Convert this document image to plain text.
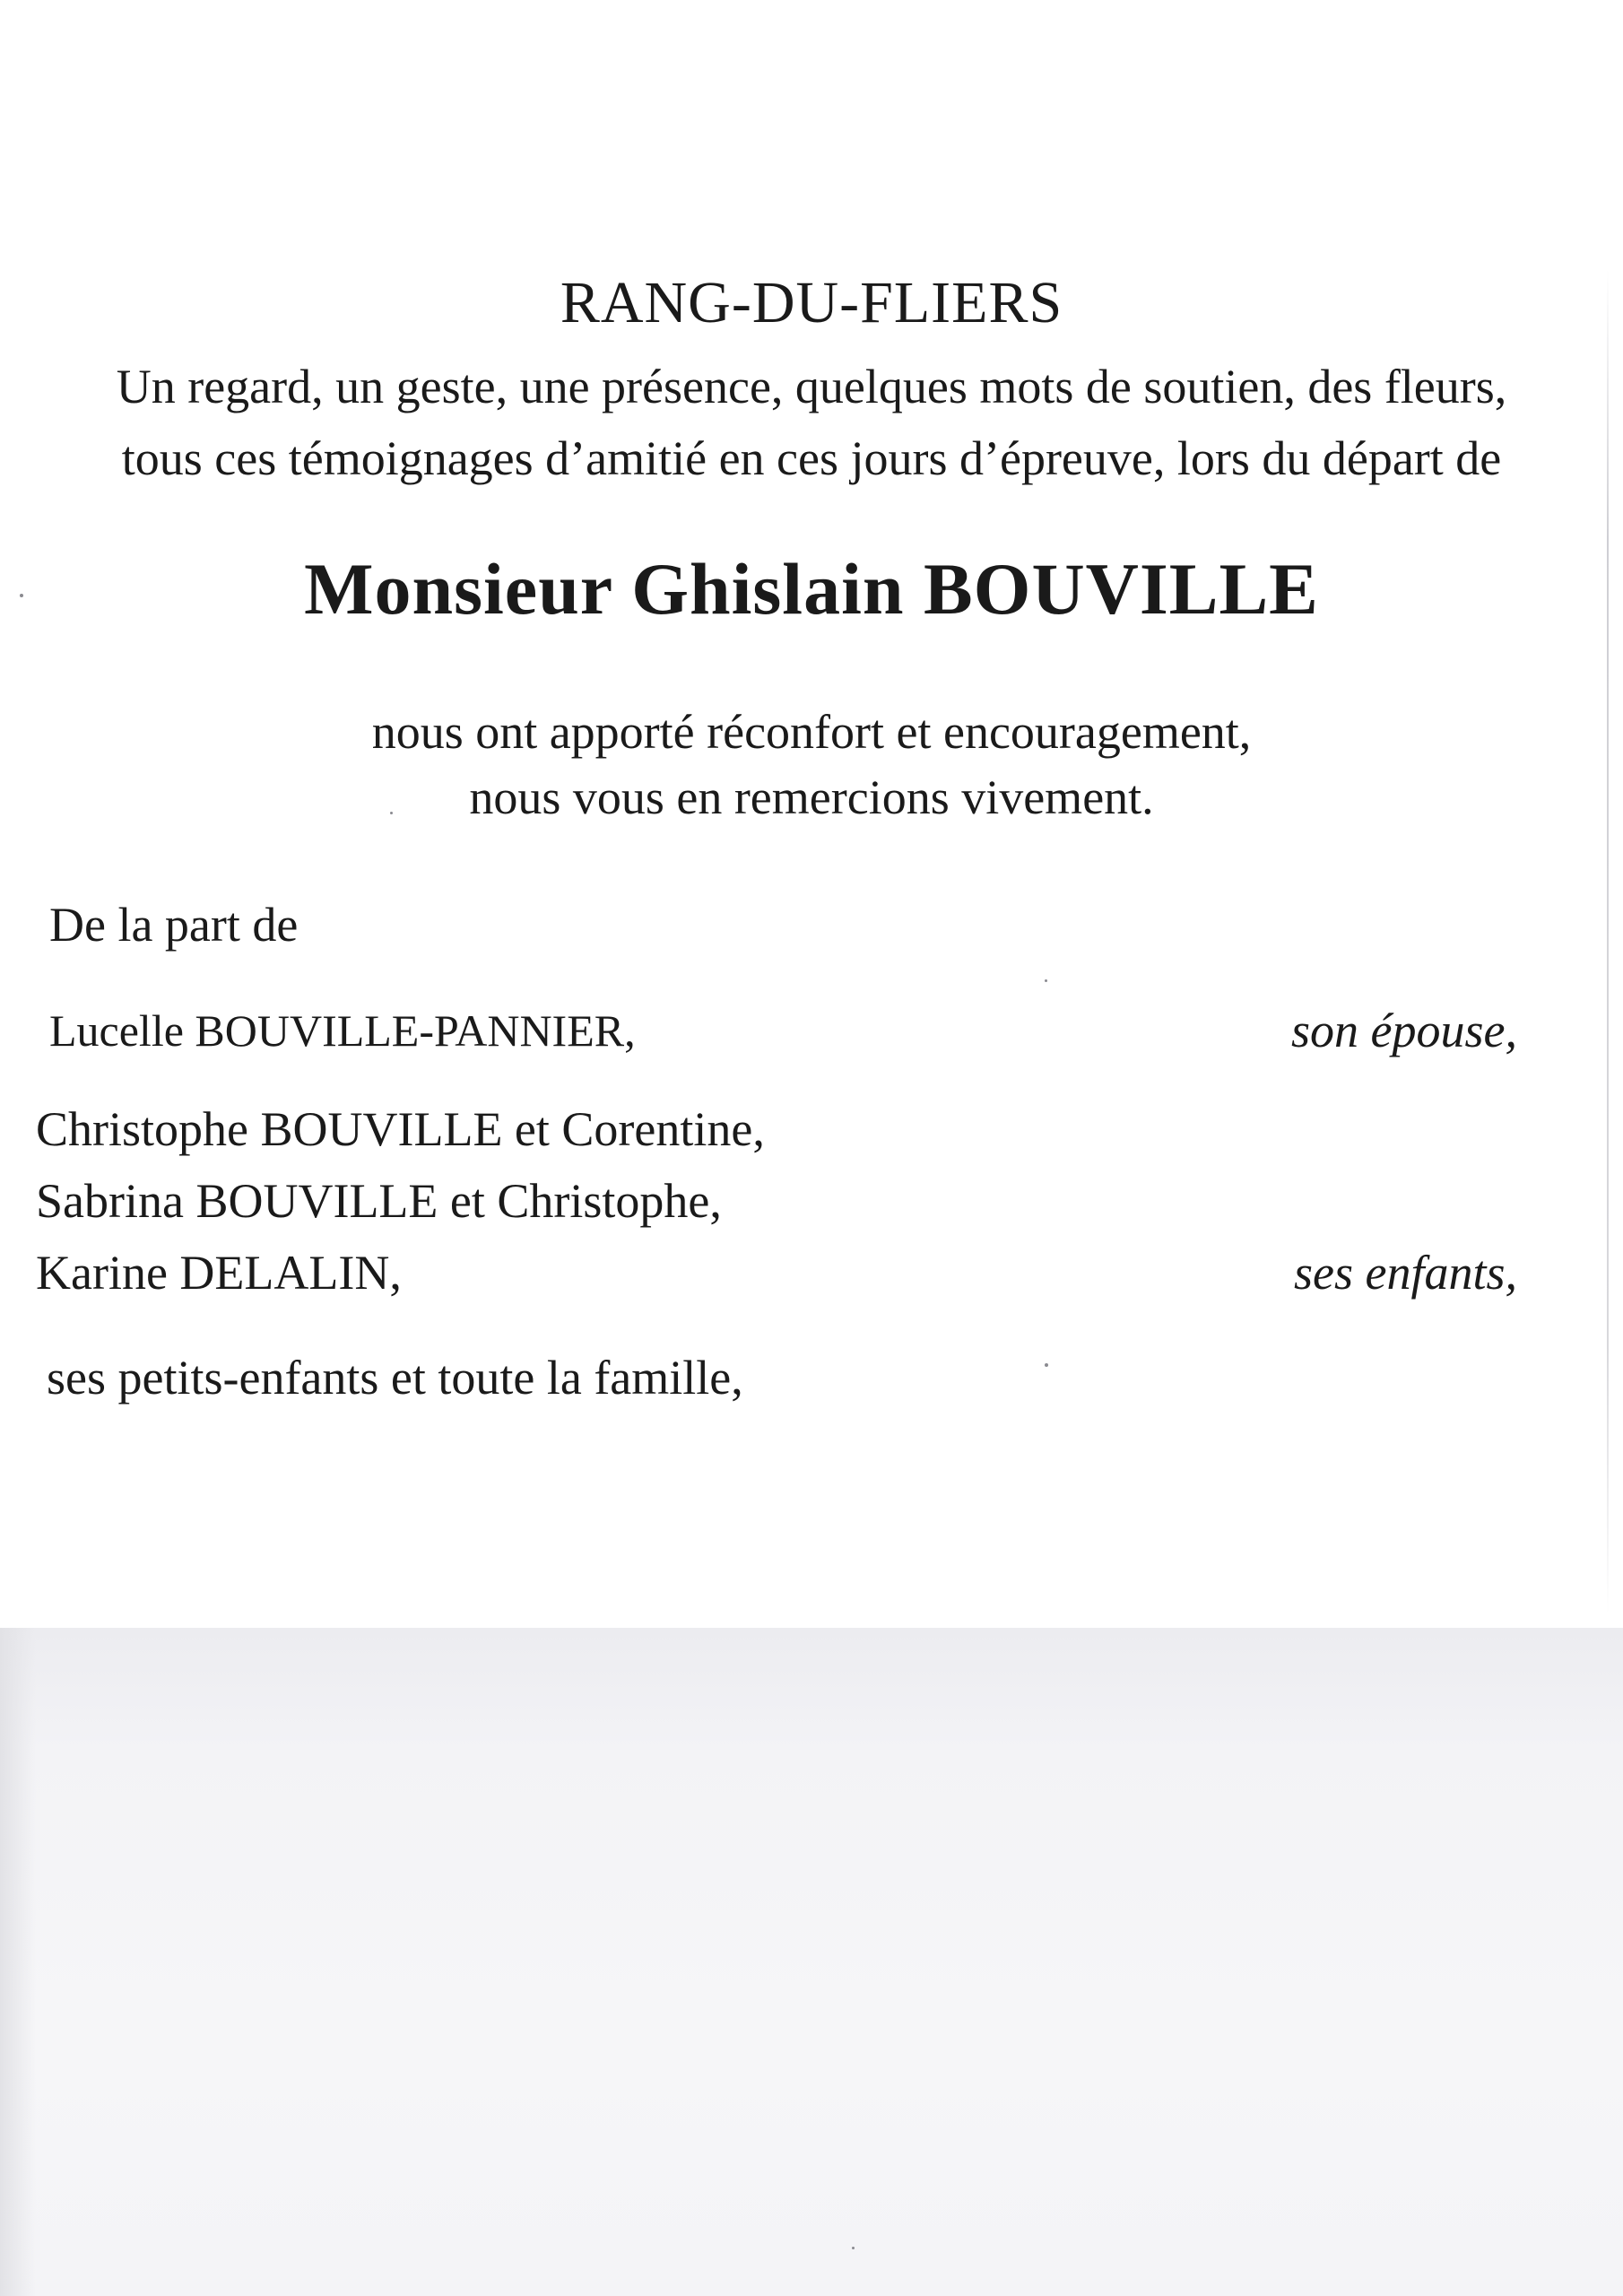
RANG-DU-FLIERS
Un regard, un geste, une présence, quelques mots de soutien, des fleurs,
tous ces témoignages d’amitié en ces jours d’épreuve, lors du départ de
Monsieur Ghislain BOUVILLE
nous ont apporté réconfort et encouragement,
nous vous en remercions vivement.
De la part de
Lucelle BOUVILLE-PANNIER,	son épouse,
Christophe BOUVILLE et Corentine,
Sabrina BOUVILLE et Christophe,
Karine DELALIN,	ses enfants,
ses petits-enfants et toute la famille,
